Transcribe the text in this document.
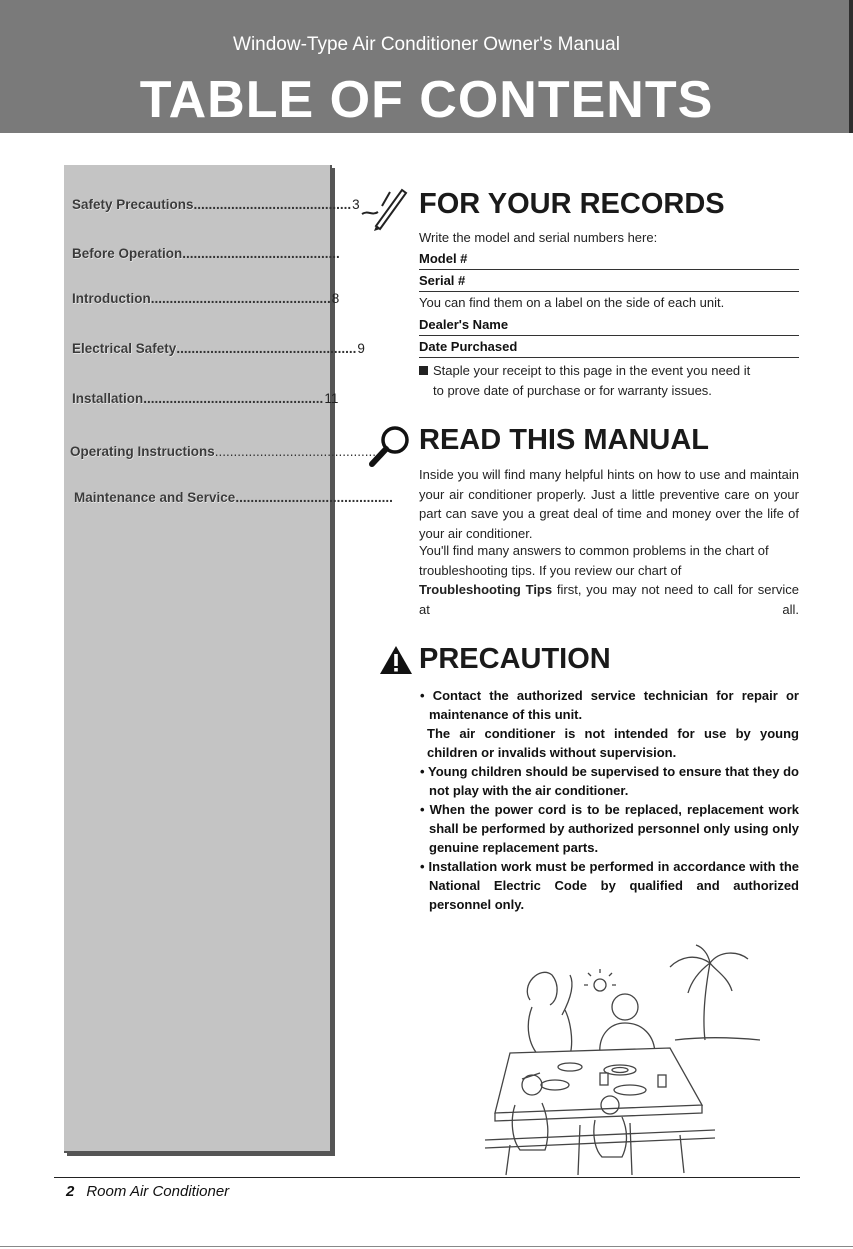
Window-Type Air Conditioner Owner's Manual
TABLE OF CONTENTS
Safety Precautions .......................................... 3
Before Operation ..........................................
Introduction ................................................ 8
Electrical Safety ................................................ 9
Installation ................................................ 11
Operating Instructions ...........................................
Maintenance and Service ..........................................
FOR YOUR RECORDS
Write the model and serial numbers here:
Model #
Serial #
You can find them on a label on the side of each unit.
Dealer's Name
Date Purchased
Staple your receipt to this page in the event you need it
to prove date of purchase or for warranty issues.
READ THIS MANUAL
Inside you will find many helpful hints on how to use and maintain your air conditioner properly. Just a little preventive care on your part can save you a great deal of time and money over the life of your air conditioner.
You'll find many answers to common problems in the chart of troubleshooting tips. If you review our chart of

Troubleshooting Tips first, you may not need to call for service at all.
PRECAUTION

• Contact the authorized service technician for repair or maintenance of this unit.

The air conditioner is not intended for use by young children or invalids without supervision.

• Young children should be supervised to ensure that they do not play with the air conditioner.

• When the power cord is to be replaced, replacement work shall be performed by authorized personnel only using only genuine replacement parts.

• Installation work must be performed in accordance with the National Electric Code by qualified and authorized personnel only.

2 Room Air Conditioner
